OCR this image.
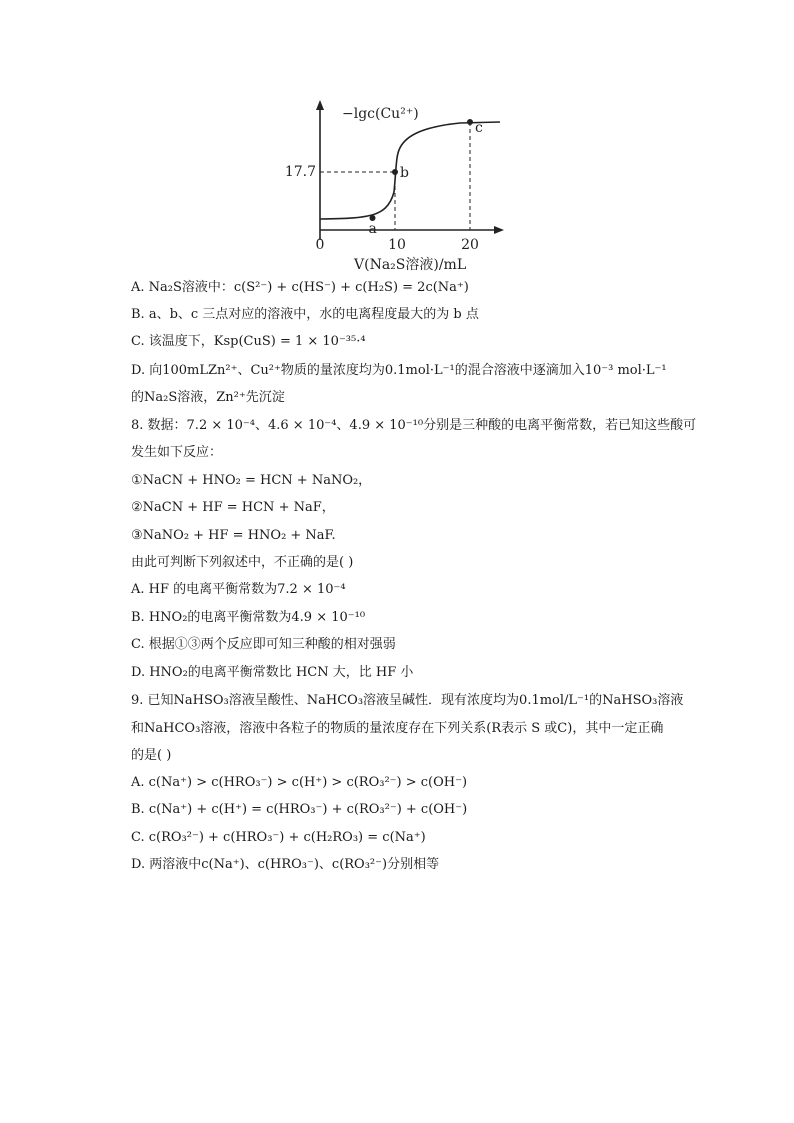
−lgc(Cu²⁺)
a
b
c
17.7
0	10	20
V(Na₂S溶液)/mL
A. Na₂S溶液中：c(S²⁻) + c(HS⁻) + c(H₂S) = 2c(Na⁺)
B. a、b、c 三点对应的溶液中，水的电离程度最大的为 b 点
C. 该温度下，Ksp(CuS) = 1 × 10⁻³⁵·⁴
D. 向100mLZn²⁺、Cu²⁺物质的量浓度均为0.1mol·L⁻¹的混合溶液中逐滴加入10⁻³ mol·L⁻¹
的Na₂S溶液，Zn²⁺先沉淀
8. 数据：7.2 × 10⁻⁴、4.6 × 10⁻⁴、4.9 × 10⁻¹⁰分别是三种酸的电离平衡常数，若已知这些酸可
发生如下反应：
①NaCN + HNO₂ = HCN + NaNO₂，
②NaCN + HF = HCN + NaF，
③NaNO₂ + HF = HNO₂ + NaF.
由此可判断下列叙述中，不正确的是( )
A. HF 的电离平衡常数为7.2 × 10⁻⁴
B. HNO₂的电离平衡常数为4.9 × 10⁻¹⁰
C. 根据①③两个反应即可知三种酸的相对强弱
D. HNO₂的电离平衡常数比 HCN 大，比 HF 小
9. 已知NaHSO₃溶液呈酸性、NaHCO₃溶液呈碱性．现有浓度均为0.1mol/L⁻¹的NaHSO₃溶液
和NaHCO₃溶液，溶液中各粒子的物质的量浓度存在下列关系(R表示 S 或C)，其中一定正确
的是( )
A. c(Na⁺) > c(HRO₃⁻) > c(H⁺) > c(RO₃²⁻) > c(OH⁻)
B. c(Na⁺) + c(H⁺) = c(HRO₃⁻) + c(RO₃²⁻) + c(OH⁻)
C. c(RO₃²⁻) + c(HRO₃⁻) + c(H₂RO₃) = c(Na⁺)
D. 两溶液中c(Na⁺)、c(HRO₃⁻)、c(RO₃²⁻)分别相等
